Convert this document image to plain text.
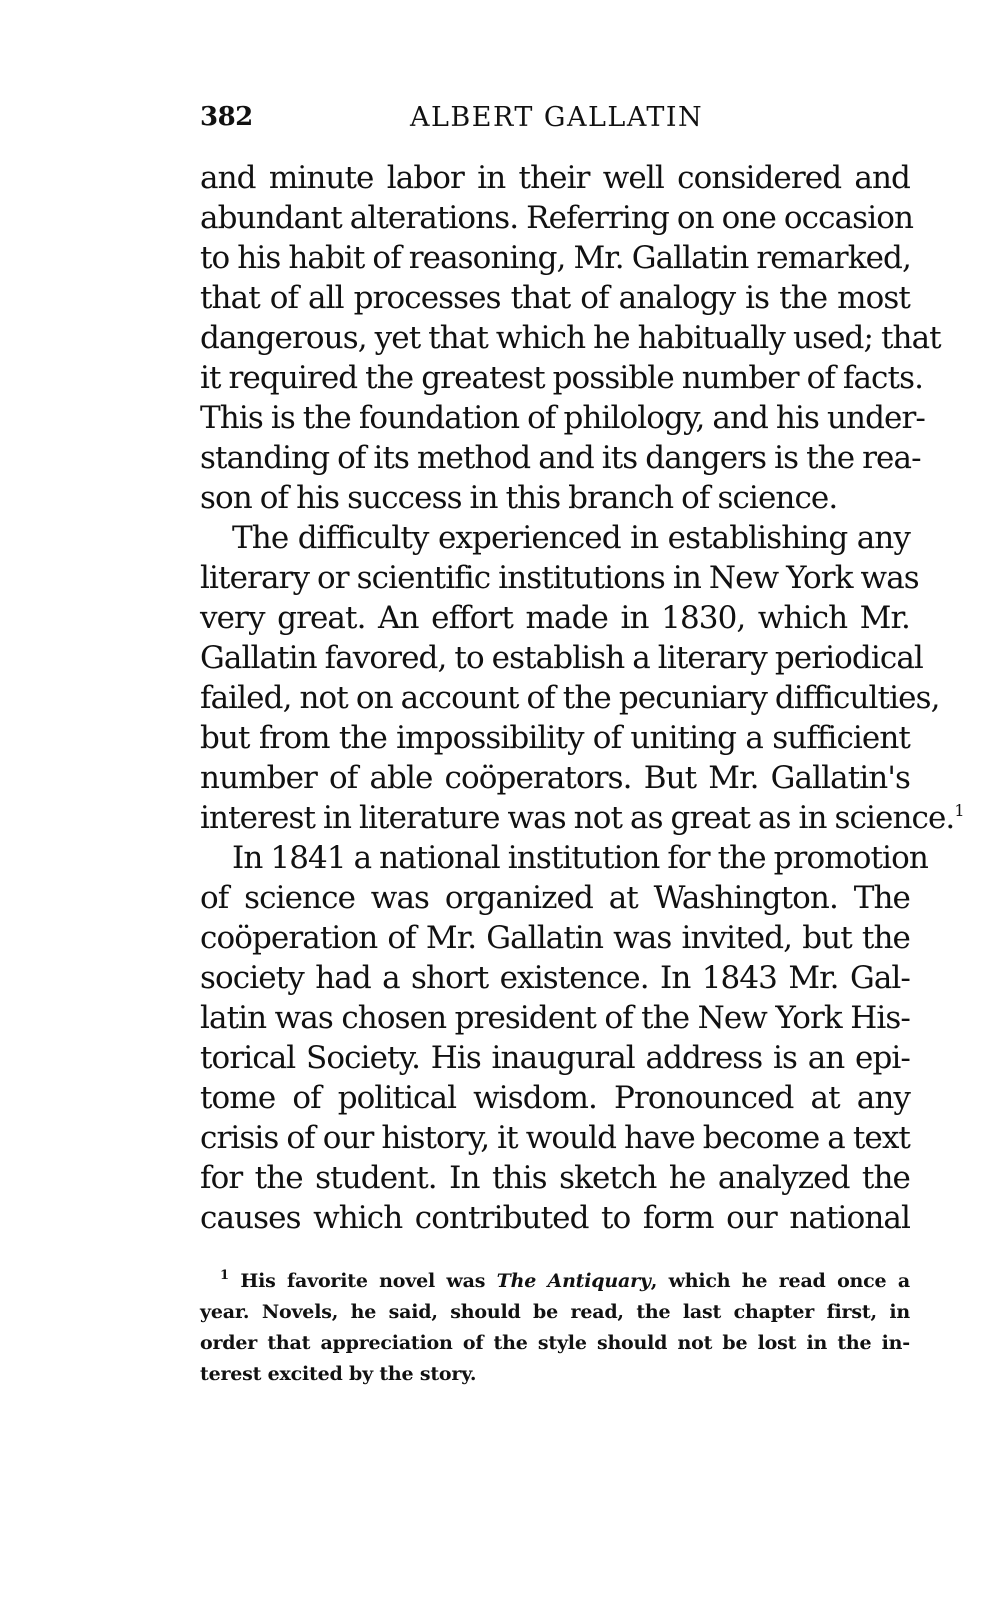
382	ALBERT GALLATIN

and minute labor in their well considered and
abundant alterations. Referring on one occasion
to his habit of reasoning, Mr. Gallatin remarked,
that of all processes that of analogy is the most
dangerous, yet that which he habitually used; that
it required the greatest possible number of facts.
This is the foundation of philology, and his under-
standing of its method and its dangers is the rea-
son of his success in this branch of science.

The difficulty experienced in establishing any
literary or scientific institutions in New York was
very great. An effort made in 1830, which Mr.
Gallatin favored, to establish a literary periodical
failed, not on account of the pecuniary difficulties,
but from the impossibility of uniting a sufficient
number of able coöperators. But Mr. Gallatin's
interest in literature was not as great as in science.$^1$

In 1841 a national institution for the promotion
of science was organized at Washington. The
coöperation of Mr. Gallatin was invited, but the
society had a short existence. In 1843 Mr. Gal-
latin was chosen president of the New York His-
torical Society. His inaugural address is an epi-
tome of political wisdom. Pronounced at any
crisis of our history, it would have become a text
for the student. In this sketch he analyzed the
causes which contributed to form our national

$^1$ His favorite novel was The Antiquary, which he read once a
year. Novels, he said, should be read, the last chapter first, in
order that appreciation of the style should not be lost in the in-
terest excited by the story.
